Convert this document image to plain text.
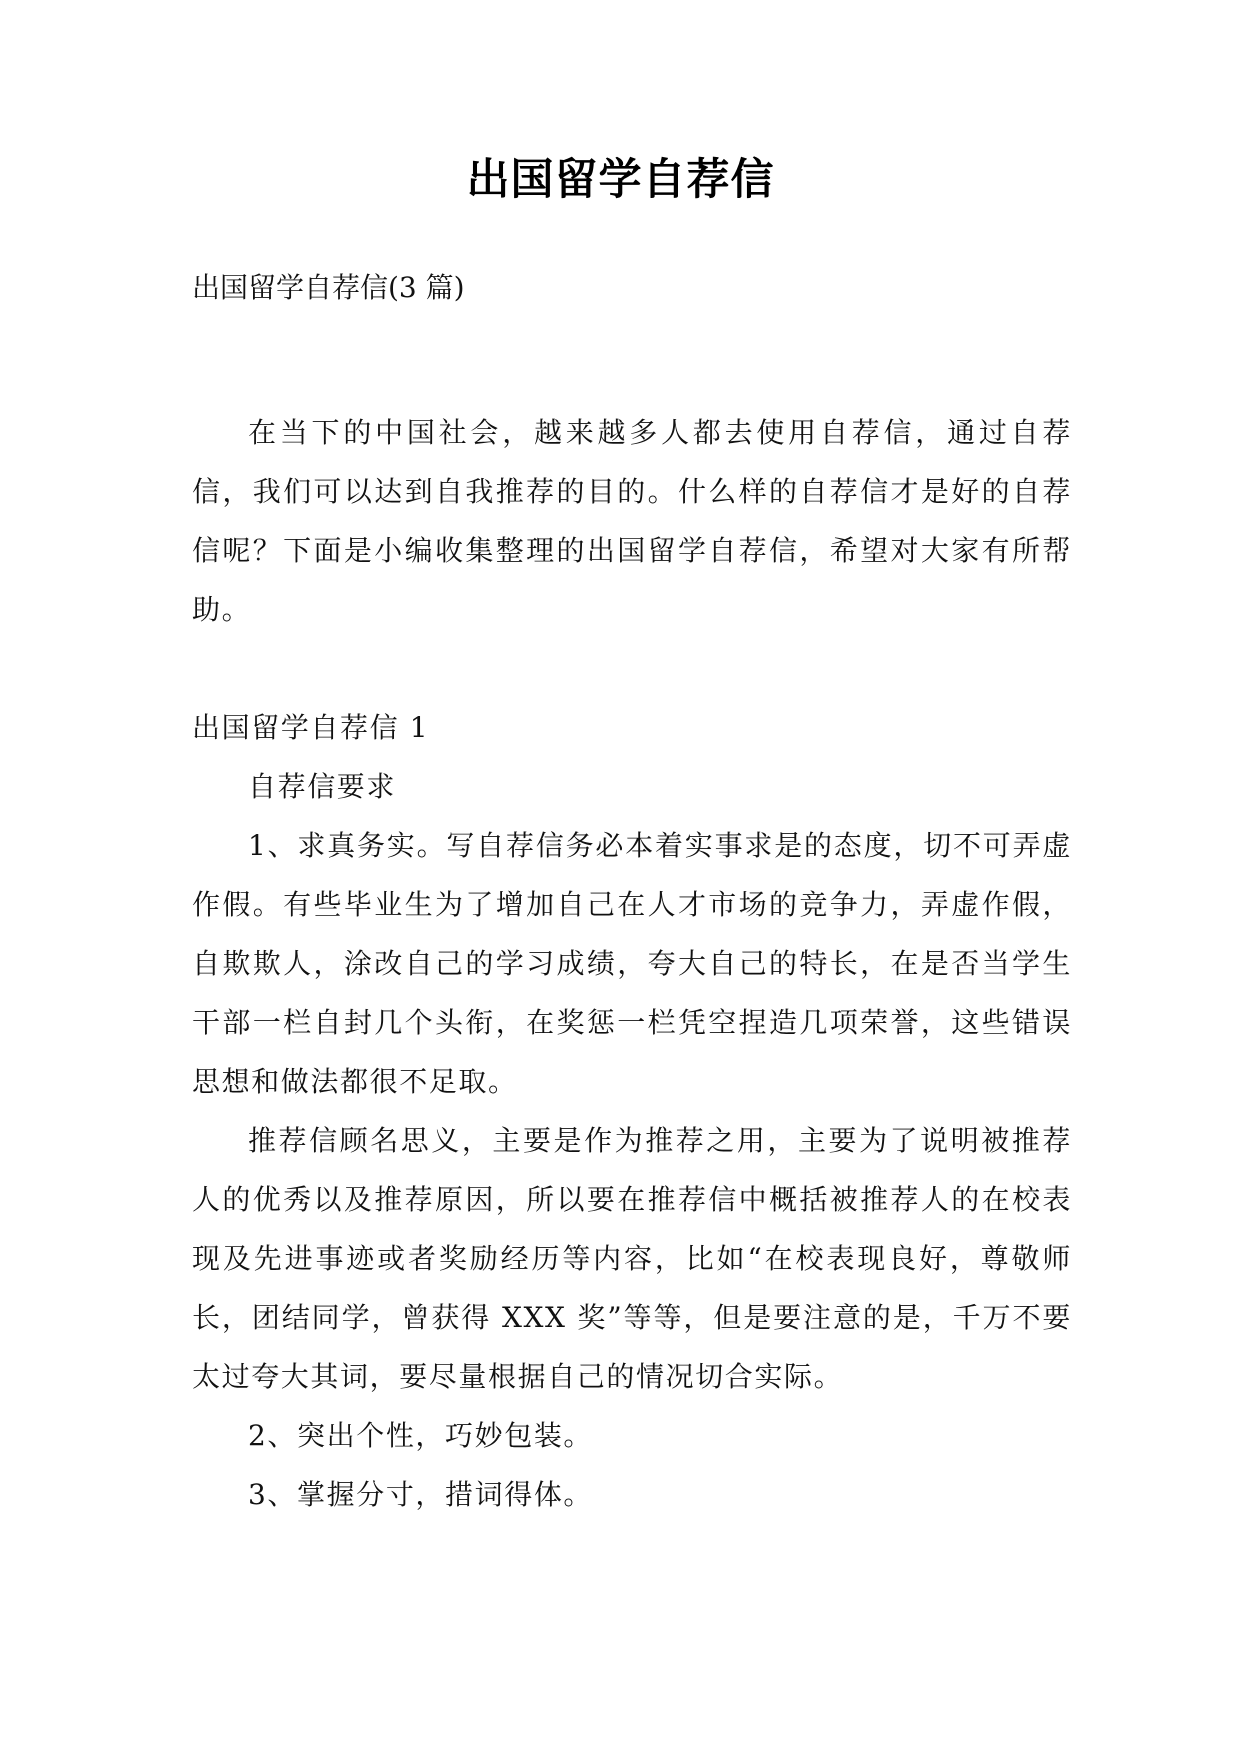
出国留学自荐信
出国留学自荐信(3 篇)

在当下的中国社会，越来越多人都去使用自荐信，通过自荐信，我们可以达到自我推荐的目的。什么样的自荐信才是好的自荐信呢？下面是小编收集整理的出国留学自荐信，希望对大家有所帮助。

出国留学自荐信 1

自荐信要求

1、求真务实。写自荐信务必本着实事求是的态度，切不可弄虚作假。有些毕业生为了增加自己在人才市场的竞争力，弄虚作假，自欺欺人，涂改自己的学习成绩，夸大自己的特长，在是否当学生干部一栏自封几个头衔，在奖惩一栏凭空捏造几项荣誉，这些错误思想和做法都很不足取。

推荐信顾名思义，主要是作为推荐之用，主要为了说明被推荐人的优秀以及推荐原因，所以要在推荐信中概括被推荐人的在校表现及先进事迹或者奖励经历等内容，比如“在校表现良好，尊敬师长，团结同学，曾获得 XXX 奖”等等，但是要注意的是，千万不要太过夸大其词，要尽量根据自己的情况切合实际。

2、突出个性，巧妙包装。

3、掌握分寸，措词得体。
